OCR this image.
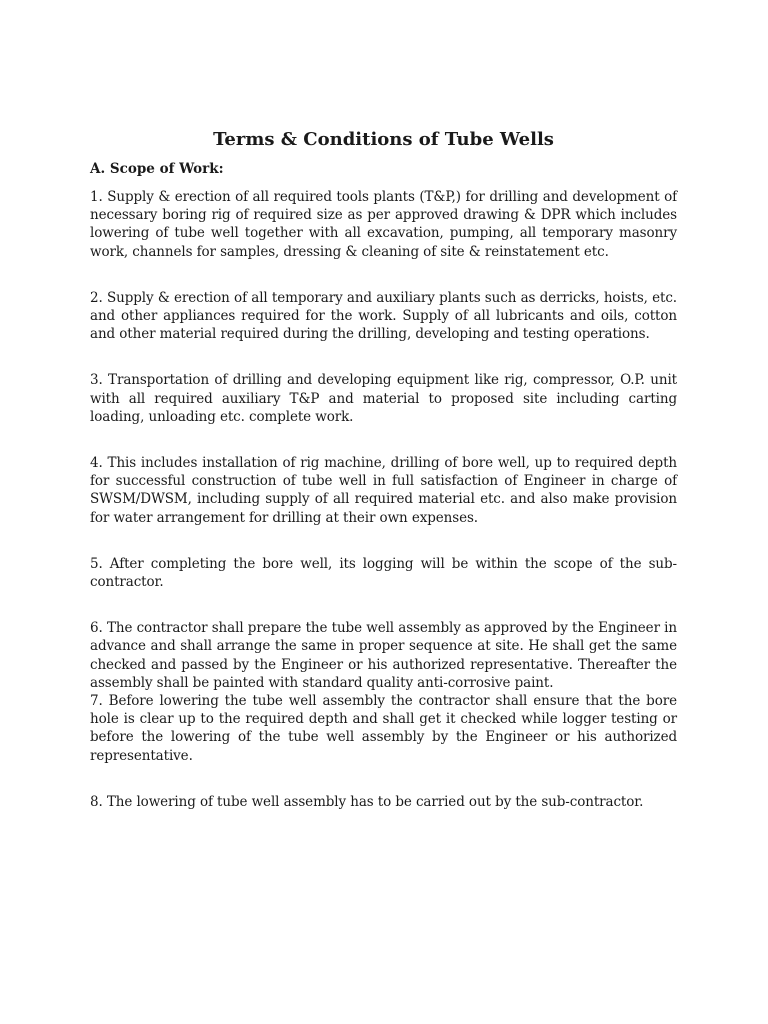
Terms & Conditions of Tube Wells
A. Scope of Work:

1. Supply & erection of all required tools plants (T&P,) for drilling and development of necessary boring rig of required size as per approved drawing & DPR which includes lowering of tube well together with all excavation, pumping, all temporary masonry work, channels for samples, dressing & cleaning of site & reinstatement etc.

2. Supply & erection of all temporary and auxiliary plants such as derricks, hoists, etc. and other appliances required for the work. Supply of all lubricants and oils, cotton and other material required during the drilling, developing and testing operations.

3. Transportation of drilling and developing equipment like rig, compressor, O.P. unit with all required auxiliary T&P and material to proposed site including carting loading, unloading etc. complete work.

4. This includes installation of rig machine, drilling of bore well, up to required depth for successful construction of tube well in full satisfaction of Engineer in charge of SWSM/DWSM, including supply of all required material etc. and also make provision for water arrangement for drilling at their own expenses.

5. After completing the bore well, its logging will be within the scope of the sub-contractor.

6. The contractor shall prepare the tube well assembly as approved by the Engineer in advance and shall arrange the same in proper sequence at site. He shall get the same checked and passed by the Engineer or his authorized representative. Thereafter the assembly shall be painted with standard quality anti-corrosive paint.

7. Before lowering the tube well assembly the contractor shall ensure that the bore hole is clear up to the required depth and shall get it checked while logger testing or before the lowering of the tube well assembly by the Engineer or his authorized representative.

8. The lowering of tube well assembly has to be carried out by the sub-contractor.
